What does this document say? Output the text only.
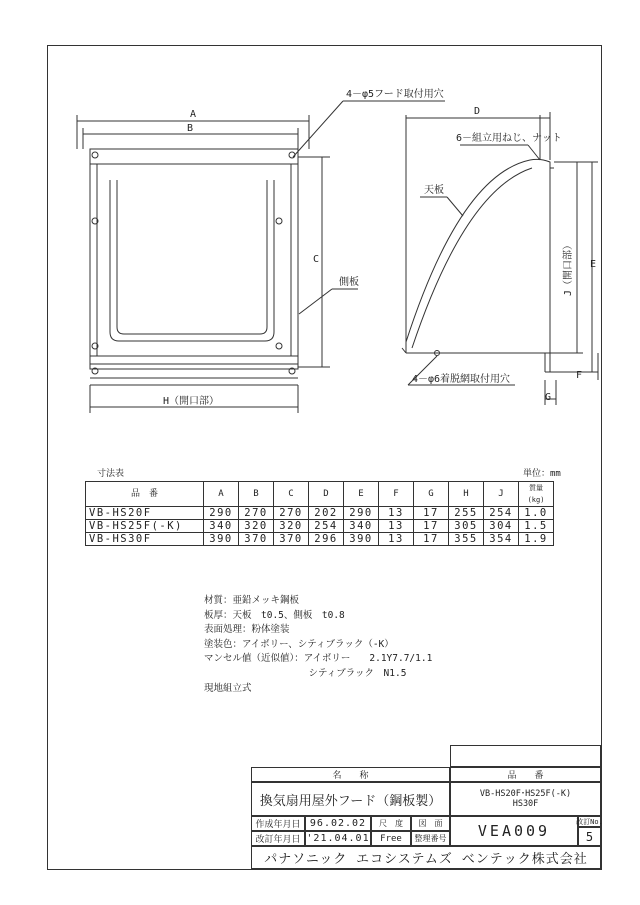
A
B
C
H（開口部）
4－φ5フード取付用穴
側板
D
E
J（開口部）
F
G
6－組立用ねじ、ナット
天板
4－φ6着脱網取付用穴
寸法表	単位：mm
品　番	A	B	C	D	E	F	G	H	J	質量(kg)
VB-HS20F	290	270	270	202	290	13	17	255	254	1.0
VB-HS25F(-K)	340	320	320	254	340	13	17	305	304	1.5
VB-HS30F	390	370	370	296	390	13	17	355	354	1.9
材質：亜鉛メッキ鋼板
板厚：天板　t0.5、側板　t0.8
表面処理：粉体塗装
塗装色：アイボリー、シティブラック（-K）
マンセル値（近似値）：アイボリー　　2.1Y7.7/1.1
　　　　　　　　　　　シティブラック　N1.5
現地組立式
名　　称	品　　番
換気扇用屋外フード（鋼板製）	VB-HS20F･HS25F(-K)
HS30F
作成年月日 96.02.02	尺　度	図　面
改訂年月日 '21.04.01	Free	整理番号	VEA009
改訂No.
5
パナソニック エコシステムズ ベンテック株式会社
